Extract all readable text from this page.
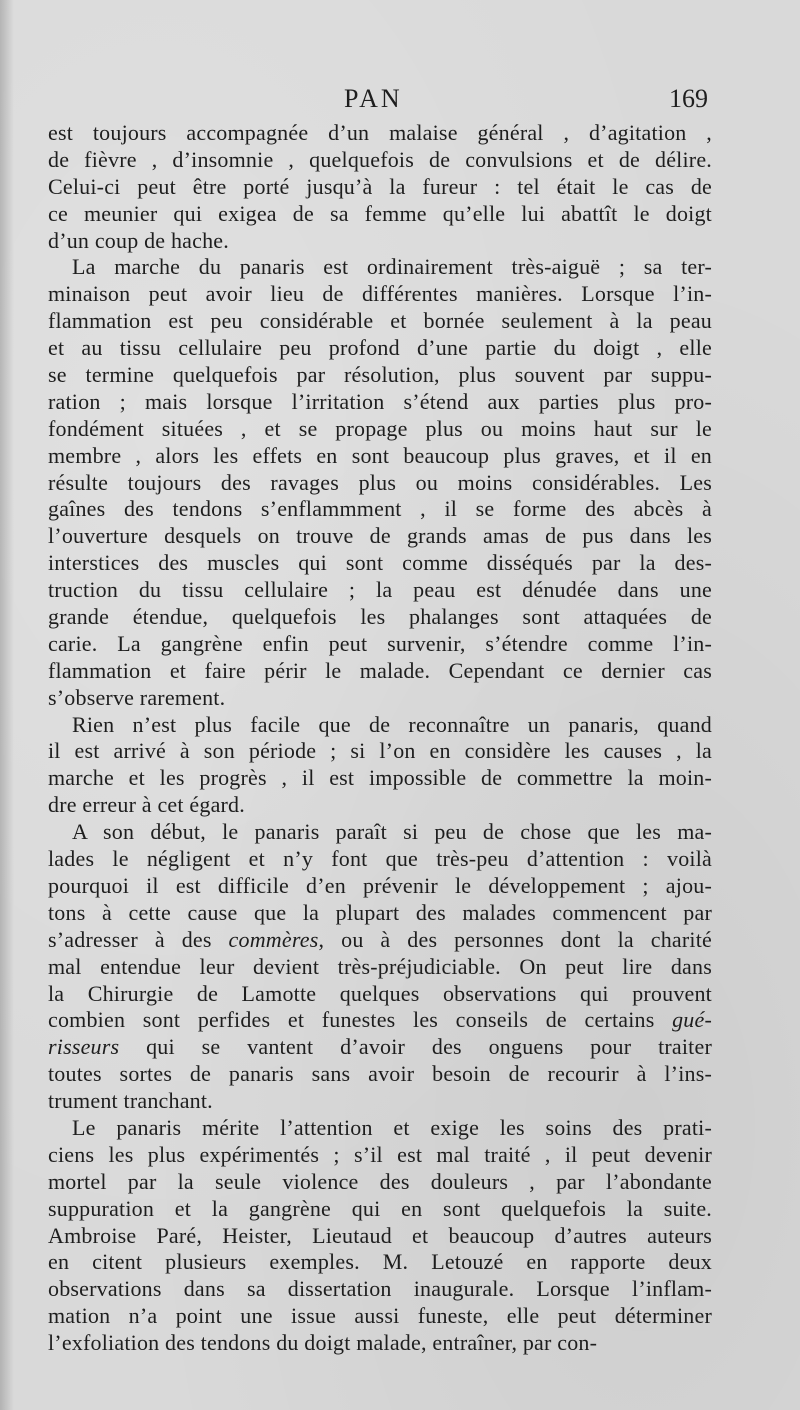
PAN	169
est toujours accompagnée d’un malaise général , d’agitation ,
de fièvre , d’insomnie , quelquefois de convulsions et de délire.
Celui-ci peut être porté jusqu’à la fureur : tel était le cas de
ce meunier qui exigea de sa femme qu’elle lui abattît le doigt
d’un coup de hache.
La marche du panaris est ordinairement très-aiguë ; sa ter-
minaison peut avoir lieu de différentes manières. Lorsque l’in-
flammation est peu considérable et bornée seulement à la peau
et au tissu cellulaire peu profond d’une partie du doigt , elle
se termine quelquefois par résolution, plus souvent par suppu-
ration ; mais lorsque l’irritation s’étend aux parties plus pro-
fondément situées , et se propage plus ou moins haut sur le
membre , alors les effets en sont beaucoup plus graves, et il en
résulte toujours des ravages plus ou moins considérables. Les
gaînes des tendons s’enflammment , il se forme des abcès à
l’ouverture desquels on trouve de grands amas de pus dans les
interstices des muscles qui sont comme disséqués par la des-
truction du tissu cellulaire ; la peau est dénudée dans une
grande étendue, quelquefois les phalanges sont attaquées de
carie. La gangrène enfin peut survenir, s’étendre comme l’in-
flammation et faire périr le malade. Cependant ce dernier cas
s’observe rarement.
Rien n’est plus facile que de reconnaître un panaris, quand
il est arrivé à son période ; si l’on en considère les causes , la
marche et les progrès , il est impossible de commettre la moin-
dre erreur à cet égard.
A son début, le panaris paraît si peu de chose que les ma-
lades le négligent et n’y font que très-peu d’attention : voilà
pourquoi il est difficile d’en prévenir le développement ; ajou-
tons à cette cause que la plupart des malades commencent par
s’adresser à des commères, ou à des personnes dont la charité
mal entendue leur devient très-préjudiciable. On peut lire dans
la Chirurgie de Lamotte quelques observations qui prouvent
combien sont perfides et funestes les conseils de certains gué-
risseurs qui se vantent d’avoir des onguens pour traiter
toutes sortes de panaris sans avoir besoin de recourir à l’ins-
trument tranchant.
Le panaris mérite l’attention et exige les soins des prati-
ciens les plus expérimentés ; s’il est mal traité , il peut devenir
mortel par la seule violence des douleurs , par l’abondante
suppuration et la gangrène qui en sont quelquefois la suite.
Ambroise Paré, Heister, Lieutaud et beaucoup d’autres auteurs
en citent plusieurs exemples. M. Letouzé en rapporte deux
observations dans sa dissertation inaugurale. Lorsque l’inflam-
mation n’a point une issue aussi funeste, elle peut déterminer
l’exfoliation des tendons du doigt malade, entraîner, par con-
